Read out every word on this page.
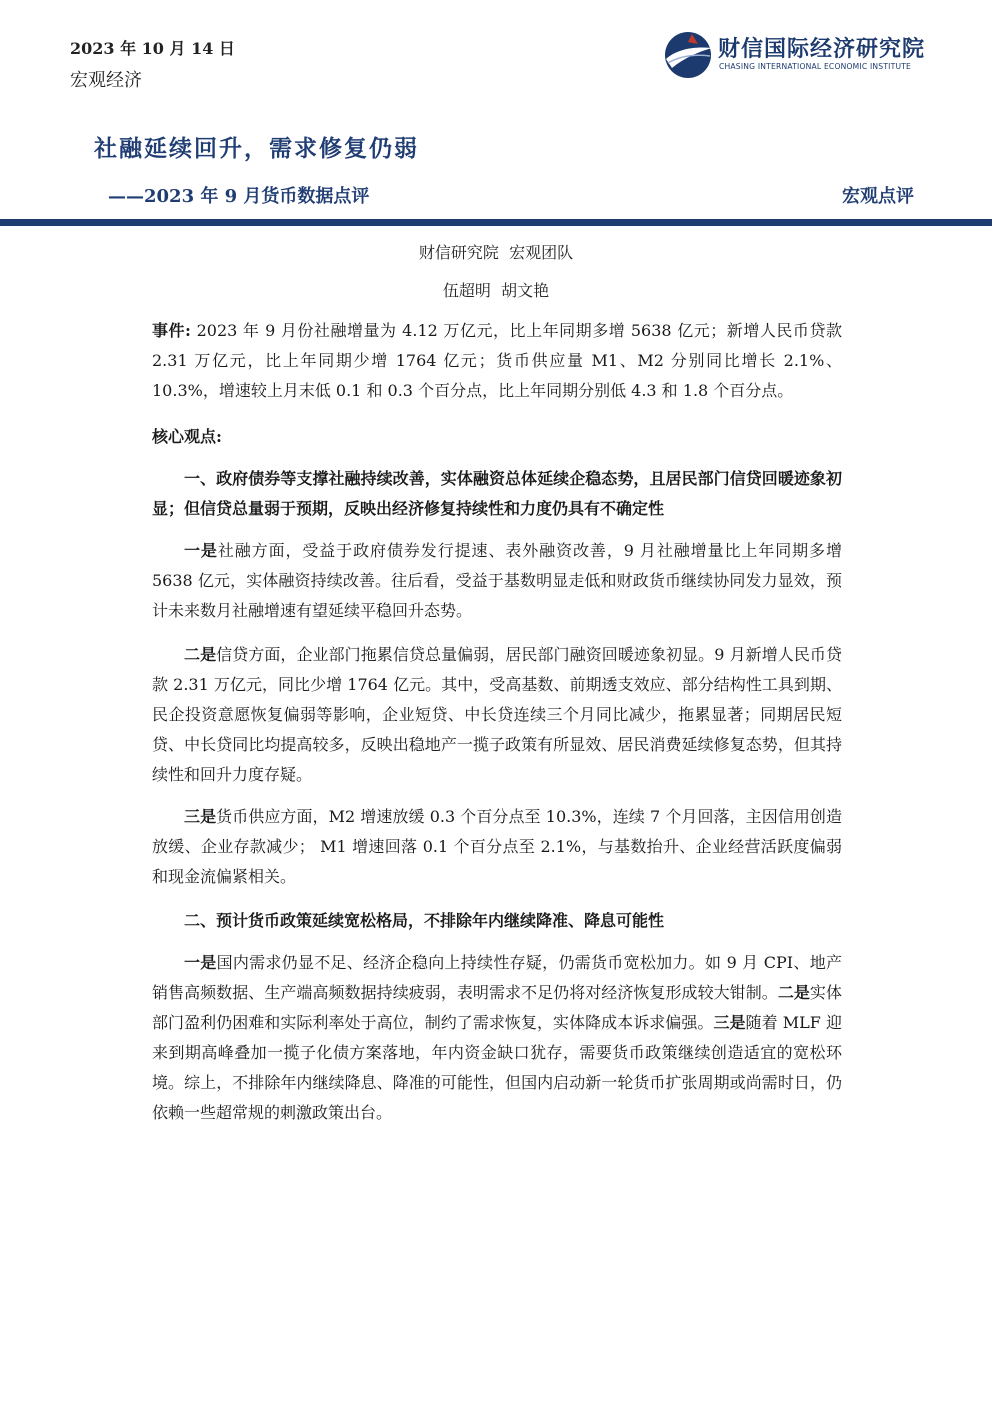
2023 年 10 月 14 日
宏观经济
财信国际经济研究院
CHASING INTERNATIONAL ECONOMIC INSTITUTE
社融延续回升，需求修复仍弱
——2023 年 9 月货币数据点评	宏观点评
财信研究院  宏观团队
伍超明  胡文艳

事件: 2023 年 9 月份社融增量为 4.12 万亿元，比上年同期多增 5638 亿元；新增人民币贷款 2.31 万亿元，比上年同期少增 1764 亿元；货币供应量 M1、M2 分别同比增长 2.1%、10.3%，增速较上月末低 0.1 和 0.3 个百分点，比上年同期分别低 4.3 和 1.8 个百分点。

核心观点:
一、政府债券等支撑社融持续改善，实体融资总体延续企稳态势，且居民部门信贷回暖迹象初显；但信贷总量弱于预期，反映出经济修复持续性和力度仍具有不确定性

一是社融方面，受益于政府债券发行提速、表外融资改善，9 月社融增量比上年同期多增 5638 亿元，实体融资持续改善。往后看，受益于基数明显走低和财政货币继续协同发力显效，预计未来数月社融增速有望延续平稳回升态势。

二是信贷方面，企业部门拖累信贷总量偏弱，居民部门融资回暖迹象初显。9 月新增人民币贷款 2.31 万亿元，同比少增 1764 亿元。其中，受高基数、前期透支效应、部分结构性工具到期、民企投资意愿恢复偏弱等影响，企业短贷、中长贷连续三个月同比减少，拖累显著；同期居民短贷、中长贷同比均提高较多，反映出稳地产一揽子政策有所显效、居民消费延续修复态势，但其持续性和回升力度存疑。

三是货币供应方面，M2 增速放缓 0.3 个百分点至 10.3%，连续 7 个月回落，主因信用创造放缓、企业存款减少； M1 增速回落 0.1 个百分点至 2.1%，与基数抬升、企业经营活跃度偏弱和现金流偏紧相关。

二、预计货币政策延续宽松格局，不排除年内继续降准、降息可能性

一是国内需求仍显不足、经济企稳向上持续性存疑，仍需货币宽松加力。如 9 月 CPI、地产销售高频数据、生产端高频数据持续疲弱，表明需求不足仍将对经济恢复形成较大钳制。二是实体部门盈利仍困难和实际利率处于高位，制约了需求恢复，实体降成本诉求偏强。三是随着 MLF 迎来到期高峰叠加一揽子化债方案落地，年内资金缺口犹存，需要货币政策继续创造适宜的宽松环境。综上，不排除年内继续降息、降准的可能性，但国内启动新一轮货币扩张周期或尚需时日，仍依赖一些超常规的刺激政策出台。
